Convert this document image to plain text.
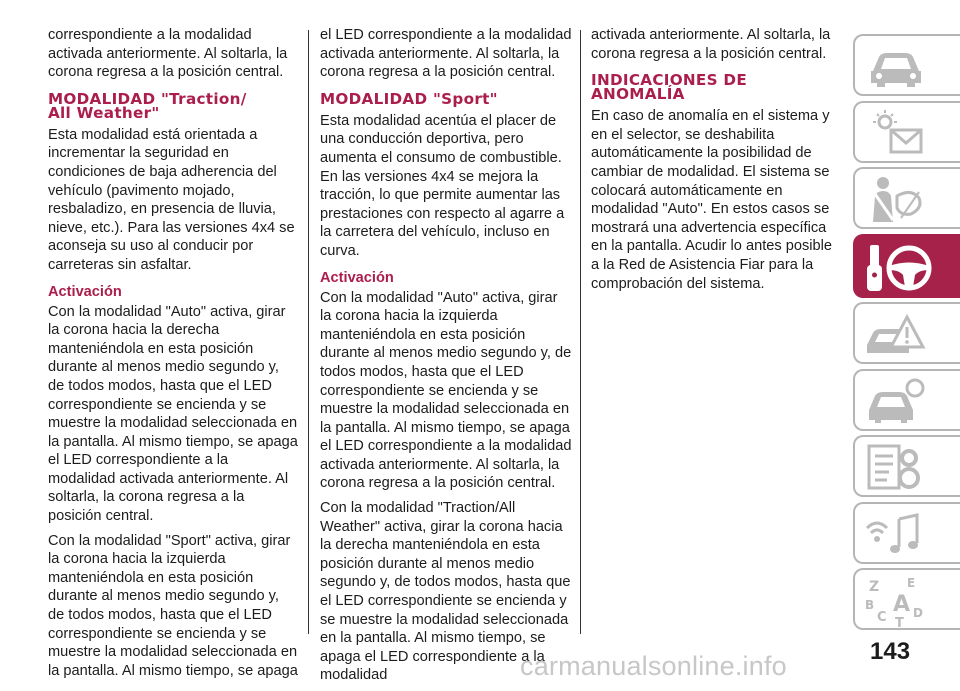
correspondiente a la modalidad activada anteriormente. Al soltarla, la corona regresa a la posición central.

MODALIDAD "Traction/
All Weather"

Esta modalidad está orientada a incrementar la seguridad en condiciones de baja adherencia del vehículo (pavimento mojado, resbaladizo, en presencia de lluvia, nieve, etc.). Para las versiones 4x4 se aconseja su uso al conducir por carreteras sin asfaltar.

Activación

Con la modalidad "Auto" activa, girar la corona hacia la derecha manteniéndola en esta posición durante al menos medio segundo y, de todos modos, hasta que el LED correspondiente se encienda y se muestre la modalidad seleccionada en la pantalla. Al mismo tiempo, se apaga el LED correspondiente a la modalidad activada anteriormente. Al soltarla, la corona regresa a la posición central.

Con la modalidad "Sport" activa, girar la corona hacia la izquierda manteniéndola en esta posición durante al menos medio segundo y, de todos modos, hasta que el LED correspondiente se encienda y se muestre la modalidad seleccionada en la pantalla. Al mismo tiempo, se apaga

el LED correspondiente a la modalidad activada anteriormente. Al soltarla, la corona regresa a la posición central.

MODALIDAD "Sport"

Esta modalidad acentúa el placer de una conducción deportiva, pero aumenta el consumo de combustible. En las versiones 4x4 se mejora la tracción, lo que permite aumentar las prestaciones con respecto al agarre a la carretera del vehículo, incluso en curva.

Activación

Con la modalidad "Auto" activa, girar la corona hacia la izquierda manteniéndola en esta posición durante al menos medio segundo y, de todos modos, hasta que el LED correspondiente se encienda y se muestre la modalidad seleccionada en la pantalla. Al mismo tiempo, se apaga el LED correspondiente a la modalidad activada anteriormente. Al soltarla, la corona regresa a la posición central.

Con la modalidad "Traction/All Weather" activa, girar la corona hacia la derecha manteniéndola en esta posición durante al menos medio segundo y, de todos modos, hasta que el LED correspondiente se encienda y se muestre la modalidad seleccionada en la pantalla. Al mismo tiempo, se apaga el LED correspondiente a la modalidad

activada anteriormente. Al soltarla, la corona regresa a la posición central.

INDICACIONES DE
ANOMALÍA

En caso de anomalía en el sistema y en el selector, se deshabilita automáticamente la posibilidad de cambiar de modalidad. El sistema se colocará automáticamente en modalidad "Auto". En estos casos se mostrará una advertencia específica en la pantalla. Acudir lo antes posible a la Red de Asistencia Fiar para la comprobación del sistema.

Z E
B A
C D
T
143
carmanualsonline.info
